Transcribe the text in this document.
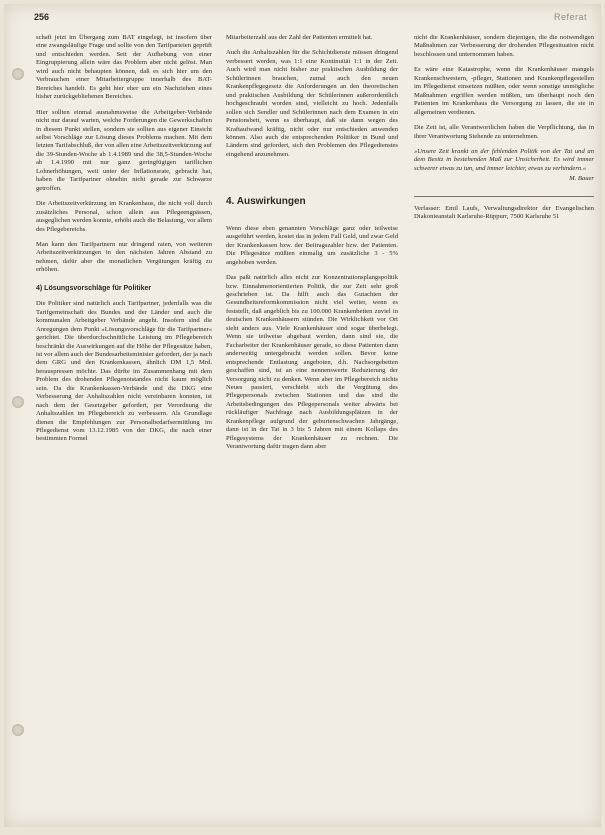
256	Referat

schaft jetzt im Übergang zum BAT eingelegt, ist insofern über eine zwangsläufige Frage und sollte von den Tarifparteien geprüft und entschieden werden. Seit der Aufhebung von einer Eingruppierung allein wäre das Problem aber nicht gelöst. Man wird auch nicht behaupten können, daß es sich hier um den Verbrauchen einer Mitarbeitergruppe innerhalb des BAT-Bereiches handelt. Es geht hier eher um ein Nachziehen eines bisher zurückgebliebenen Bereiches.

Hier sollten einmal ausnahmsweise die Arbeitgeber-Verbände nicht nur darauf warten, welche Forderungen die Gewerkschaften in diesem Punkt stellen, sondern sie sollten aus eigener Einsicht selbst Vorschläge zur Lösung dieses Problems machen. Mit dem letzten Tarifabschluß, der von allen eine Arbeitszeitverkürzung auf die 39-Stunden-Woche ab 1.4.1989 und die 38,5-Stunden-Woche ab 1.4.1990 mit nur ganz geringfügigen tariflichen Lohnerhöhungen, weit unter der Inflationsrate, gebracht hat, haben die Tarifpartner ohnehin nicht gerade zur Schwarze getroffen.

Die Arbeitszeitverkürzung im Krankenhaus, die nicht voll durch zusätzliches Personal, schon allein aus Pflegeengpässen, ausgeglichen werden konnte, erhöht auch die Belastung, vor allem des Pflegebereichs.

Man kann den Tarifpartnern nur dringend raten, von weiteren Arbeitszeitverkürzungen in den nächsten Jahren Abstand zu nehmen, dafür aber die monatlichen Vergütungen kräftig zu erhöhen.

4) Lösungsvorschläge für Politiker

Die Politiker sind natürlich auch Tarifpartner, jedenfalls was die Tarifgemeinschaft des Bundes und der Länder und auch die kommunalen Arbeitgeber Verbände angeht. Insofern sind die Anregungen dem Punkt »Lösungsvorschläge für die Tarifpartner« gerichtet. Die überdurchschnittliche Leistung im Pflegebereich beschränkt die Auswirkungen auf die Höhe der Pflegesätze haben, ist vor allem auch der Bundesarbeitsminister gefordert, der ja nach dem GRG und den Krankenkassen, ähnlich DM 1,5 Mrd. herauspressen möchte. Das dürfte im Zusammenhang mit dem Problem des drohenden Pflegenotstandes nicht kaum möglich sein. Da die Krankenkassen-Verbände und die DKG eine Verbesserung der Anhaltszahlen nicht vereinbaren konnten, ist nach dem der Gesetzgeber gefordert, per Verordnung die Anhaltszahlen im Pflegebereich zu verbessern. Als Grundlage dienen die Empfehlungen zur Personalbedarfsermittlung im Pflegedienst vom 13.12.1985 von der DKG, die nach einer bestimmten Formel

Mitarbeiterzahl aus der Zahl der Patienten ermittelt hat.

Auch die Anhaltszahlen für die Schichtdienste müssen dringend verbessert werden, was 1:1 eine Kontinuität 1:1 in der Zeit. Auch wird man nicht bisher zur praktischen Ausbildung der Schülerinnen brauchen, zumal auch den neuen Krankenpflegegesetz die Anforderungen an den theoretischen und praktischen Ausbildung der Schülerinnen außerordentlich hochgeschraubt worden sind, vielleicht zu hoch. Jedenfalls sollen sich Sendler und Schülerinnen nach dem Examen in ein Pensionsbett, wenn es überhaupt, daß sie dann wegen des Kraftaufwand kräftig, nicht oder nur entschieden anwenden können. Also auch die entsprechenden Politiker in Bund und Ländern sind gefordert, sich den Problemen des Pflegedienstes eingehend anzunehmen.

4. Auswirkungen

Wenn diese eben genannten Vorschläge ganz oder teilweise ausgeführt werden, kostet das in jedem Fall Geld, und zwar Geld der Krankenkassen bzw. der Beitragszahler bzw. der Patienten. Die Pflegesätze müßten einmalig um zusätzliche 3 - 5% angehoben werden.

Das paßt natürlich alles nicht zur Konzentrationsplangspolitik bzw. Einnahmenorientierten Politik, die zur Zeit sehr groß geschrieben ist. Da hilft auch das Gutachten der Gesundheitsreformkommission nicht viel weiter, wenn es feststellt, daß angeblich bis zu 100.000 Krankenbetten zuviel in deutschen Krankenhäusern stünden. Die Wirklichkeit vor Ort sieht anders aus. Viele Krankenhäuser sind sogar überbelegt. Wenn sie teilweise abgebaut werden, dann sind sie, die Facharbeiter der Krankenhäuser gerade, so diese Patienten dann anderweitig untergebracht werden sollen. Bevor keine entsprechende Entlastung angeboten, d.h. Nachsorgebetten geschaffen sind, ist an eine nennenswerte Reduzierung der Versorgung nicht zu denken. Wenn aber im Pflegebereich nichts Neues passiert, verschiebt sich die Vergütung des Pflegepersonals zwischen Stationen und das sind die Arbeitsbedingungen des Pflegepersonals weiter abwärts bei rückläufiger Nachfrage nach Ausbildungsplätzen in der Krankenpflege aufgrund der geburtenschwachen Jahrgänge, dann ist in der Tat in 3 bis 5 Jahren mit einem Kollaps des Pflegesystems der Krankenhäuser zu rechnen. Die Verantwortung dafür tragen dann aber

nicht die Krankenhäuser, sondern diejenigen, die die notwendigen Maßnahmen zur Verbesserung der drohenden Pflegesituation nicht beschlossen und unternommen haben.

Es wäre eine Katastrophe, wenn die Krankenhäuser mangels Krankenschwestern, -pfleger, Stationen und Krankenpflegestellen im Pflegedienst einsetzen müßten, oder wenn sonstige unmögliche Maßnahmen ergriffen werden müßten, um überhaupt noch den Patienten im Krankenhaus die Versorgung zu lassen, die sie in allgemeinen verdienen.

Die Zeit ist, alle Verantwortlichen haben die Verpflichtung, das in ihrer Verantwortung Stehende zu unternehmen.

»Unsere Zeit krankt an der fehlenden Politik von der Tat und an dem Besitz in bestehenden Maß zur Unsicherheit. Es wird immer schwerer etwas zu tun, und immer leichter, etwas zu verhindern.«

M. Bauer

Verfasser: Emil Laufs, Verwaltungsdirektor der Evangelischen Diakonieanstalt Karlsruhe-Rüppurr, 7500 Karlsruhe 51
